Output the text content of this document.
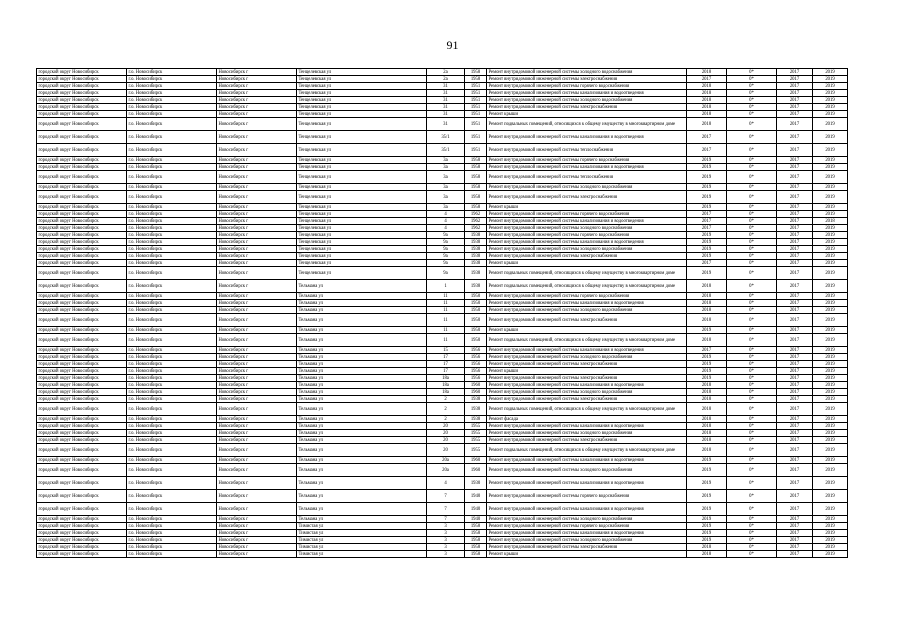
91
городской округ Новосибирск	г.о. Новосибирск	Новосибирск г	Тенцелевская ул	2а	1958	Ремонт внутридомовой инженерной системы холодного водоснабжения	2018	0*	2017	2019
городской округ Новосибирск	г.о. Новосибирск	Новосибирск г	Тенцелевская ул	2а	1958	Ремонт внутридомовой инженерной системы электроснабжения	2017	0*	2017	2019
городской округ Новосибирск	г.о. Новосибирск	Новосибирск г	Тенцелевская ул	31	1951	Ремонт внутридомовой инженерной системы горячего водоснабжения	2018	0*	2017	2019
городской округ Новосибирск	г.о. Новосибирск	Новосибирск г	Тенцелевская ул	31	1951	Ремонт внутридомовой инженерной системы канализования и водоотведения	2018	0*	2017	2019
городской округ Новосибирск	г.о. Новосибирск	Новосибирск г	Тенцелевская ул	31	1951	Ремонт внутридомовой инженерной системы холодного водоснабжения	2018	0*	2017	2019
городской округ Новосибирск	г.о. Новосибирск	Новосибирск г	Тенцелевская ул	31	1951	Ремонт внутридомовой инженерной системы электроснабжения	2018	0*	2017	2019
городской округ Новосибирск	г.о. Новосибирск	Новосибирск г	Тенцелевская ул	31	1951	Ремонт крыши	2018	0*	2017	2019
городской округ Новосибирск	г.о. Новосибирск	Новосибирск г	Тенцелевская ул	31	1951	Ремонт подвальных помещений, относящихся к общему имуществу в многоквартирном доме	2018	0*	2017	2019
городской округ Новосибирск	г.о. Новосибирск	Новосибирск г	Тенцелевская ул	35/1	1951	Ремонт внутридомовой инженерной системы канализования и водоотведения	2017	0*	2017	2019
городской округ Новосибирск	г.о. Новосибирск	Новосибирск г	Тенцелевская ул	35/1	1951	Ремонт внутридомовой инженерной системы теплоснабжения	2017	0*	2017	2019
городской округ Новосибирск	г.о. Новосибирск	Новосибирск г	Тенцелевская ул	3а	1958	Ремонт внутридомовой инженерной системы горячего водоснабжения	2019	0*	2017	2019
городской округ Новосибирск	г.о. Новосибирск	Новосибирск г	Тенцелевская ул	3а	1958	Ремонт внутридомовой инженерной системы канализования и водоотведения	2019	0*	2017	2019
городской округ Новосибирск	г.о. Новосибирск	Новосибирск г	Тенцелевская ул	3а	1958	Ремонт внутридомовой инженерной системы теплоснабжения	2019	0*	2017	2019
городской округ Новосибирск	г.о. Новосибирск	Новосибирск г	Тенцелевская ул	3а	1958	Ремонт внутридомовой инженерной системы холодного водоснабжения	2019	0*	2017	2019
городской округ Новосибирск	г.о. Новосибирск	Новосибирск г	Тенцелевская ул	3а	1958	Ремонт внутридомовой инженерной системы электроснабжения	2019	0*	2017	2019
городской округ Новосибирск	г.о. Новосибирск	Новосибирск г	Тенцелевская ул	3а	1958	Ремонт крыши	2019	0*	2017	2019
городской округ Новосибирск	г.о. Новосибирск	Новосибирск г	Тенцелевская ул	4	1962	Ремонт внутридомовой инженерной системы горячего водоснабжения	2017	0*	2017	2019
городской округ Новосибирск	г.о. Новосибирск	Новосибирск г	Тенцелевская ул	4	1962	Ремонт внутридомовой инженерной системы канализования и водоотведения	2017	0*	2017	2018
городской округ Новосибирск	г.о. Новосибирск	Новосибирск г	Тенцелевская ул	4	1962	Ремонт внутридомовой инженерной системы холодного водоснабжения	2017	0*	2017	2019
городской округ Новосибирск	г.о. Новосибирск	Новосибирск г	Тенцелевская ул	9а	1938	Ремонт внутридомовой инженерной системы горячего водоснабжения	2019	0*	2017	2019
городской округ Новосибирск	г.о. Новосибирск	Новосибирск г	Тенцелевская ул	9а	1938	Ремонт внутридомовой инженерной системы канализования и водоотведения	2019	0*	2017	2019
городской округ Новосибирск	г.о. Новосибирск	Новосибирск г	Тенцелевская ул	9а	1938	Ремонт внутридомовой инженерной системы холодного водоснабжения	2019	0*	2017	2019
городской округ Новосибирск	г.о. Новосибирск	Новосибирск г	Тенцелевская ул	9а	1938	Ремонт внутридомовой инженерной системы электроснабжения	2019	0*	2017	2019
городской округ Новосибирск	г.о. Новосибирск	Новосибирск г	Тенцелевская ул	9а	1938	Ремонт крыши	2017	0*	2017	2019
городской округ Новосибирск	г.о. Новосибирск	Новосибирск г	Тенцелевская ул	9а	1938	Ремонт подвальных помещений, относящихся к общему имуществу в многоквартирном доме	2019	0*	2017	2019
городской округ Новосибирск	г.о. Новосибирск	Новосибирск г	Тельмана ул	1	1938	Ремонт подвальных помещений, относящихся к общему имуществу в многоквартирном доме	2018	0*	2017	2019
городской округ Новосибирск	г.о. Новосибирск	Новосибирск г	Тельмана ул	11	1950	Ремонт внутридомовой инженерной системы горячего водоснабжения	2018	0*	2017	2019
городской округ Новосибирск	г.о. Новосибирск	Новосибирск г	Тельмана ул	11	1950	Ремонт внутридомовой инженерной системы канализования и водоотведения	2018	0*	2017	2019
городской округ Новосибирск	г.о. Новосибирск	Новосибирск г	Тельмана ул	11	1950	Ремонт внутридомовой инженерной системы холодного водоснабжения	2018	0*	2017	2019
городской округ Новосибирск	г.о. Новосибирск	Новосибирск г	Тельмана ул	11	1950	Ремонт внутридомовой инженерной системы электроснабжения	2018	0*	2017	2019
городской округ Новосибирск	г.о. Новосибирск	Новосибирск г	Тельмана ул	11	1950	Ремонт крыши	2019	0*	2017	2019
городской округ Новосибирск	г.о. Новосибирск	Новосибирск г	Тельмана ул	11	1950	Ремонт подвальных помещений, относящихся к общему имуществу в многоквартирном доме	2018	0*	2017	2019
городской округ Новосибирск	г.о. Новосибирск	Новосибирск г	Тельмана ул	15	1956	Ремонт внутридомовой инженерной системы канализования и водоотведения	2017	0*	2017	2019
городской округ Новосибирск	г.о. Новосибирск	Новосибирск г	Тельмана ул	17	1956	Ремонт внутридомовой инженерной системы холодного водоснабжения	2019	0*	2017	2019
городской округ Новосибирск	г.о. Новосибирск	Новосибирск г	Тельмана ул	17	1956	Ремонт внутридомовой инженерной системы электроснабжения	2019	0*	2017	2019
городской округ Новосибирск	г.о. Новосибирск	Новосибирск г	Тельмана ул	17	1956	Ремонт крыши	2019	0*	2017	2019
городской округ Новосибирск	г.о. Новосибирск	Новосибирск г	Тельмана ул	18а	1956	Ремонт внутридомовой инженерной системы электроснабжения	2019	0*	2017	2019
городской округ Новосибирск	г.о. Новосибирск	Новосибирск г	Тельмана ул	18а	1960	Ремонт внутридомовой инженерной системы канализования и водоотведения	2018	0*	2017	2019
городской округ Новосибирск	г.о. Новосибирск	Новосибирск г	Тельмана ул	18а	1960	Ремонт внутридомовой инженерной системы холодного водоснабжения	2018	0*	2017	2019
городской округ Новосибирск	г.о. Новосибирск	Новосибирск г	Тельмана ул	2	1938	Ремонт внутридомовой инженерной системы электроснабжения	2018	0*	2017	2019
городской округ Новосибирск	г.о. Новосибирск	Новосибирск г	Тельмана ул	2	1938	Ремонт подвальных помещений, относящихся к общему имуществу в многоквартирном доме	2018	0*	2017	2019
городской округ Новосибирск	г.о. Новосибирск	Новосибирск г	Тельмана ул	2	1938	Ремонт фасада	2018	0*	2017	2019
городской округ Новосибирск	г.о. Новосибирск	Новосибирск г	Тельмана ул	20	1955	Ремонт внутридомовой инженерной системы канализования и водоотведения	2018	0*	2017	2019
городской округ Новосибирск	г.о. Новосибирск	Новосибирск г	Тельмана ул	20	1955	Ремонт внутридомовой инженерной системы холодного водоснабжения	2018	0*	2017	2019
городской округ Новосибирск	г.о. Новосибирск	Новосибирск г	Тельмана ул	20	1955	Ремонт внутридомовой инженерной системы электроснабжения	2018	0*	2017	2019
городской округ Новосибирск	г.о. Новосибирск	Новосибирск г	Тельмана ул	20	1955	Ремонт подвальных помещений, относящихся к общему имуществу в многоквартирном доме	2018	0*	2017	2019
городской округ Новосибирск	г.о. Новосибирск	Новосибирск г	Тельмана ул	20а	1960	Ремонт внутридомовой инженерной системы канализования и водоотведения	2019	0*	2017	2019
городской округ Новосибирск	г.о. Новосибирск	Новосибирск г	Тельмана ул	20а	1960	Ремонт внутридомовой инженерной системы холодного водоснабжения	2019	0*	2017	2019
городской округ Новосибирск	г.о. Новосибирск	Новосибирск г	Тельмана ул	4	1930	Ремонт внутридомовой инженерной системы канализования и водоотведения	2019	0*	2017	2019
городской округ Новосибирск	г.о. Новосибирск	Новосибирск г	Тельмана ул	7	1940	Ремонт внутридомовой инженерной системы горячего водоснабжения	2019	0*	2017	2019
городской округ Новосибирск	г.о. Новосибирск	Новосибирск г	Тельмана ул	7	1940	Ремонт внутридомовой инженерной системы канализования и водоотведения	2019	0*	2017	2019
городской округ Новосибирск	г.о. Новосибирск	Новосибирск г	Тельмана ул	7	1940	Ремонт внутридомовой инженерной системы холодного водоснабжения	2019	0*	2017	2019
городской округ Новосибирск	г.о. Новосибирск	Новосибирск г	Тимистая ул	3	1958	Ремонт внутридомовой инженерной системы горячего водоснабжения	2019	0*	2017	2019
городской округ Новосибирск	г.о. Новосибирск	Новосибирск г	Тимистая ул	3	1958	Ремонт внутридомовой инженерной системы канализования и водоотведения	2019	0*	2017	2019
городской округ Новосибирск	г.о. Новосибирск	Новосибирск г	Тимистая ул	3	1958	Ремонт внутридомовой инженерной системы холодного водоснабжения	2019	0*	2017	2019
городской округ Новосибирск	г.о. Новосибирск	Новосибирск г	Тимистая ул	3	1958	Ремонт внутридомовой инженерной системы электроснабжения	2018	0*	2017	2019
городской округ Новосибирск	г.о. Новосибирск	Новосибирск г	Тимистая ул	3	1958	Ремонт крыши	2018	0*	2017	2019
